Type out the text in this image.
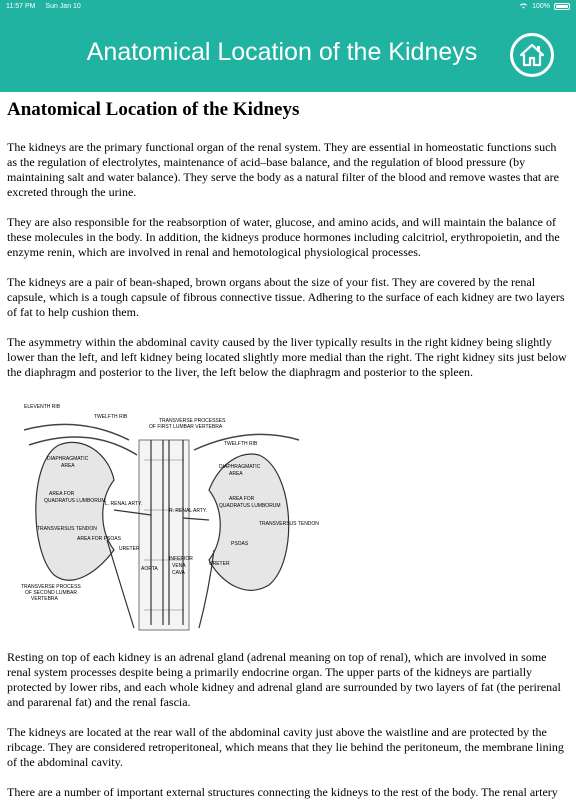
11:57 PM Sun Jan 10	100%
Anatomical Location of the Kidneys
Anatomical Location of the Kidneys

The kidneys are the primary functional organ of the renal system. They are essential in homeostatic functions such as the regulation of electrolytes, maintenance of acid–base balance, and the regulation of blood pressure (by maintaining salt and water balance). They serve the body as a natural filter of the blood and remove wastes that are excreted through the urine.

They are also responsible for the reabsorption of water, glucose, and amino acids, and will maintain the balance of these molecules in the body. In addition, the kidneys produce hormones including calcitriol, erythropoietin, and the enzyme renin, which are involved in renal and hemotological physiological processes.

The kidneys are a pair of bean-shaped, brown organs about the size of your fist. They are covered by the renal capsule, which is a tough capsule of fibrous connective tissue. Adhering to the surface of each kidney are two layers of fat to help cushion them.

The asymmetry within the abdominal cavity caused by the liver typically results in the right kidney being slightly lower than the left, and left kidney being located slightly more medial than the right. The right kidney sits just below the diaphragm and posterior to the liver, the left below the diaphragm and posterior to the spleen.

ELEVENTH RIB
TWELFTH RIB
TRANSVERSE PROCESSES
OF FIRST LUMBAR VERTEBRA
TWELFTH RIB
DIAPHRAGMATIC
AREA	DIAPHRAGMATIC
AREA
AREA FOR
QUADRATUS LUMBORUM	AREA FOR
QUADRATUS LUMBORUM
TRANSVERSUS TENDON
TRANSVERSUS TENDON
AREA FOR PSOAS
PSOAS
L. RENAL ARTY.
R. RENAL ARTY.
AORTA
INFERIOR
VENA
CAVA
URETER
URETER
TRANSVERSE PROCESS
OF SECOND LUMBAR
VERTEBRA

Resting on top of each kidney is an adrenal gland (adrenal meaning on top of renal), which are involved in some renal system processes despite being a primarily endocrine organ. The upper parts of the kidneys are partially protected by lower ribs, and each whole kidney and adrenal gland are surrounded by two layers of fat (the perirenal and pararenal fat) and the renal fascia.

The kidneys are located at the rear wall of the abdominal cavity just above the waistline and are protected by the ribcage. They are considered retroperitoneal, which means that they lie behind the peritoneum, the membrane lining of the abdominal cavity.

There are a number of important external structures connecting the kidneys to the rest of the body. The renal artery
